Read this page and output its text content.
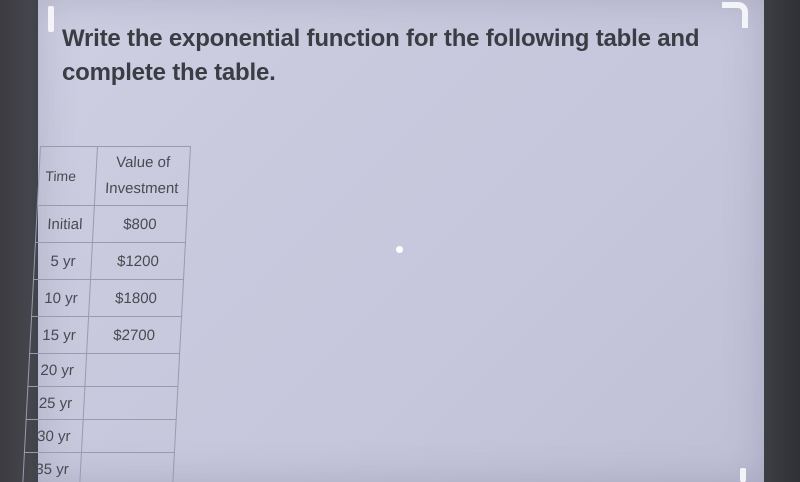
Write the exponential function for the following table and complete the table.
Time	Value of
Investment
Initial	$800
5 yr	$1200
10 yr	$1800
15 yr	$2700
20 yr	
25 yr	
30 yr	
35 yr	
